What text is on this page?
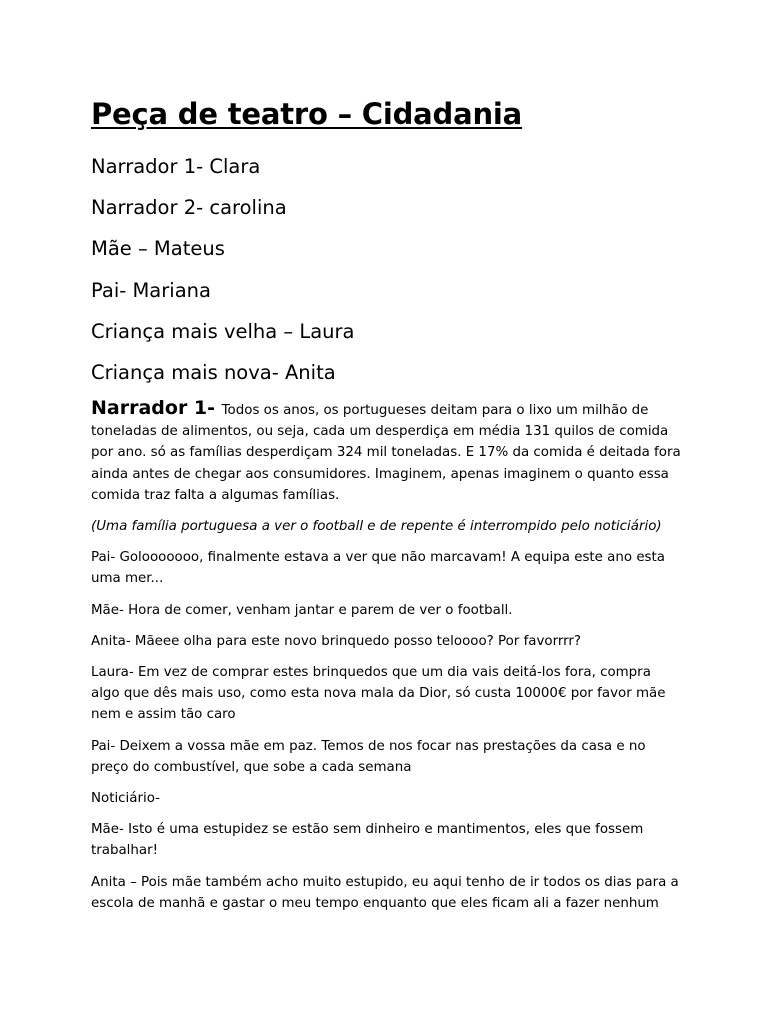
Peça de teatro – Cidadania
Narrador 1- Clara
Narrador 2- carolina
Mãe – Mateus
Pai- Mariana
Criança mais velha – Laura
Criança mais nova- Anita

Narrador 1- Todos os anos, os portugueses deitam para o lixo um milhão de toneladas de alimentos, ou seja, cada um desperdiça em média 131 quilos de comida por ano. só as famílias desperdiçam 324 mil toneladas. E 17% da comida é deitada fora ainda antes de chegar aos consumidores. Imaginem, apenas imaginem o quanto essa comida traz falta a algumas famílias.

(Uma família portuguesa a ver o football e de repente é interrompido pelo noticiário)

Pai- Golooooooo, finalmente estava a ver que não marcavam! A equipa este ano esta uma mer...

Mãe- Hora de comer, venham jantar e parem de ver o football.

Anita- Mãeee olha para este novo brinquedo posso teloooo? Por favorrrr?

Laura- Em vez de comprar estes brinquedos que um dia vais deitá-los fora, compra algo que dês mais uso, como esta nova mala da Dior, só custa 10000€ por favor mãe nem e assim tão caro

Pai- Deixem a vossa mãe em paz. Temos de nos focar nas prestações da casa e no preço do combustível, que sobe a cada semana

Noticiário-

Mãe- Isto é uma estupidez se estão sem dinheiro e mantimentos, eles que fossem trabalhar!

Anita – Pois mãe também acho muito estupido, eu aqui tenho de ir todos os dias para a escola de manhã e gastar o meu tempo enquanto que eles ficam ali a fazer nenhum
